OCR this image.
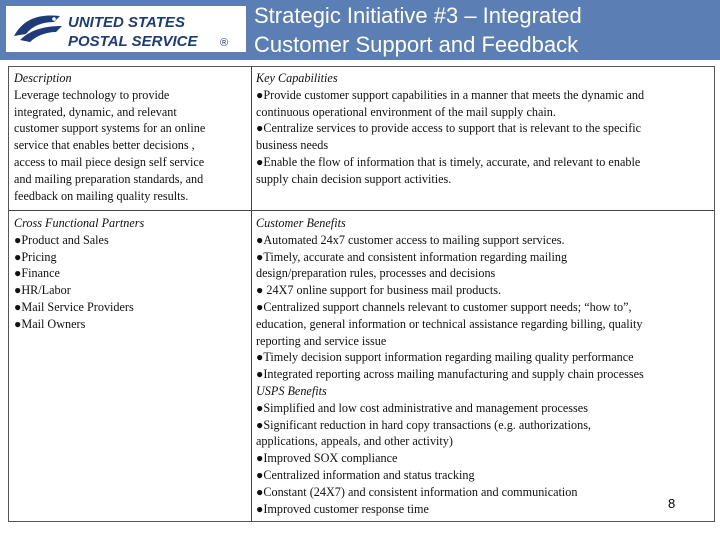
UNITED STATES
POSTAL SERVICE ®
Strategic Initiative #3 – Integrated
Customer Support and Feedback
Description
Leverage technology to provide
integrated, dynamic, and relevant
customer support systems for an online
service that enables better decisions ,
access to mail piece design self service
and mailing preparation standards, and
feedback on mailing quality results.
Key Capabilities
●Provide customer support capabilities in a manner that meets the dynamic and
continuous operational environment of the mail supply chain.
●Centralize services to provide access to support that is relevant to the specific
business needs
●Enable the flow of information that is timely, accurate, and relevant to enable
supply chain decision support activities.
Cross Functional Partners
●Product and Sales
●Pricing
●Finance
●HR/Labor
●Mail Service Providers
●Mail Owners
Customer Benefits
●Automated 24x7 customer access to mailing support services.
●Timely, accurate and consistent information regarding mailing
design/preparation rules, processes and decisions
● 24X7 online support for business mail products.
●Centralized support channels relevant to customer support needs; “how to”,
education, general information or technical assistance regarding billing, quality
reporting and service issue
●Timely decision support information regarding mailing quality performance
●Integrated reporting across mailing manufacturing and supply chain processes
USPS Benefits
●Simplified and low cost administrative and management processes
●Significant reduction in hard copy transactions (e.g. authorizations,
applications, appeals, and other activity)
●Improved SOX compliance
●Centralized information and status tracking
●Constant (24X7) and consistent information and communication
●Improved customer response time	8
